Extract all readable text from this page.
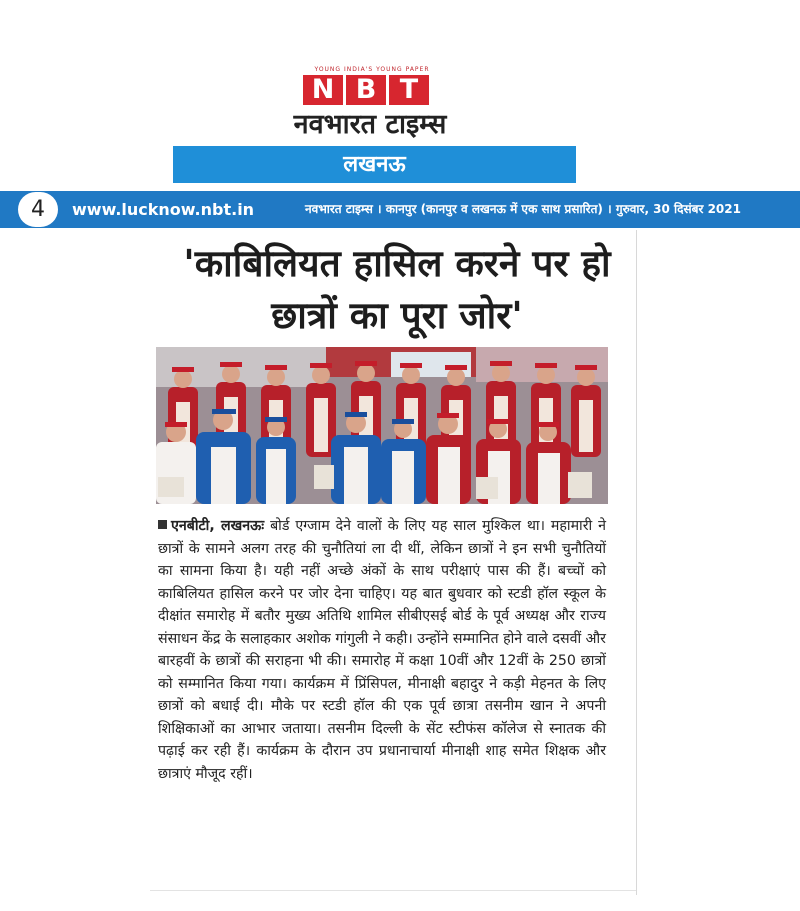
YOUNG INDIA'S YOUNG PAPER
N B T
नवभारत टाइम्स
लखनऊ
4	www.lucknow.nbt.in	नवभारत टाइम्स । कानपुर (कानपुर व लखनऊ में एक साथ प्रसारित) । गुरुवार, 30 दिसंबर 2021
'काबिलियत हासिल करने पर हो छात्रों का पूरा जोर'
एनबीटी, लखनऊः बोर्ड एग्जाम देने वालों के लिए यह साल मुश्किल था। महामारी ने छात्रों के सामने अलग तरह की चुनौतियां ला दी थीं, लेकिन छात्रों ने इन सभी चुनौतियों का सामना किया है। यही नहीं अच्छे अंकों के साथ परीक्षाएं पास की हैं। बच्चों को काबिलियत हासिल करने पर जोर देना चाहिए। यह बात बुधवार को स्टडी हॉल स्कूल के दीक्षांत समारोह में बतौर मुख्य अतिथि शामिल सीबीएसई बोर्ड के पूर्व अध्यक्ष और राज्य संसाधन केंद्र के सलाहकार अशोक गांगुली ने कही। उन्होंने सम्मानित होने वाले दसवीं और बारहवीं के छात्रों की सराहना भी की। समारोह में कक्षा 10वीं और 12वीं के 250 छात्रों को सम्मानित किया गया। कार्यक्रम में प्रिंसिपल, मीनाक्षी बहादुर ने कड़ी मेहनत के लिए छात्रों को बधाई दी। मौके पर स्टडी हॉल की एक पूर्व छात्रा तसनीम खान ने अपनी शिक्षिकाओं का आभार जताया। तसनीम दिल्ली के सेंट स्टीफंस कॉलेज से स्नातक की पढ़ाई कर रही हैं। कार्यक्रम के दौरान उप प्रधानाचार्या मीनाक्षी शाह समेत शिक्षक और छात्राएं मौजूद रहीं।
